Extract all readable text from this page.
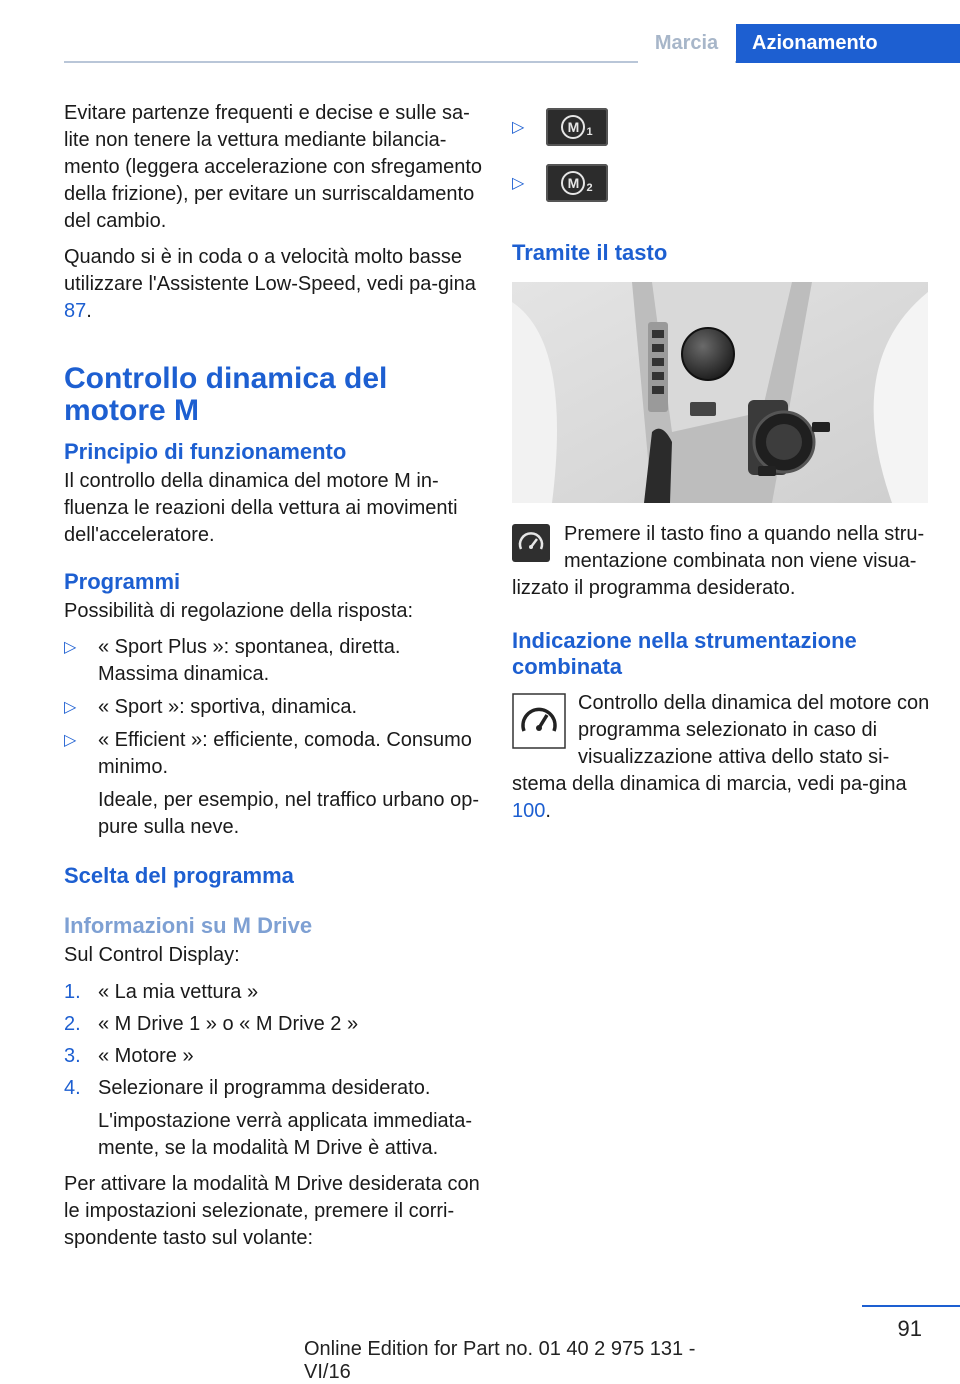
Marcia	Azionamento

Evitare partenze frequenti e decise e sulle sa-lite non tenere la vettura mediante bilancia-mento (leggera accelerazione con sfregamento della frizione), per evitare un surriscaldamento del cambio.

Quando si è in coda o a velocità molto basse utilizzare l'Assistente Low-Speed, vedi pa-gina 87.

Controllo dinamica del motore M
Principio di funzionamento

Il controllo della dinamica del motore M in-fluenza le reazioni della vettura ai movimenti dell'acceleratore.

Programmi

Possibilità di regolazione della risposta:

▷ « Sport Plus »: spontanea, diretta. Massima dinamica.
▷ « Sport »: sportiva, dinamica.
▷ « Efficient »: efficiente, comoda. Consumo minimo.

Ideale, per esempio, nel traffico urbano op-pure sulla neve.

Scelta del programma
Informazioni su M Drive

Sul Control Display:

1. « La mia vettura »
2. « M Drive 1 » o « M Drive 2 »
3. « Motore »
4. Selezionare il programma desiderato.

L'impostazione verrà applicata immediata-mente, se la modalità M Drive è attiva.

Per attivare la modalità M Drive desiderata con le impostazioni selezionate, premere il corri-spondente tasto sul volante:

▷	M 1
▷	M 2
Tramite il tasto

Premere il tasto fino a quando nella stru-mentazione combinata non viene visua-lizzato il programma desiderato.

Indicazione nella strumentazione combinata

Controllo della dinamica del motore con programma selezionato in caso di visualizzazione attiva dello stato si-stema della dinamica di marcia, vedi pa-gina 100.

91
Online Edition for Part no. 01 40 2 975 131 - VI/16
